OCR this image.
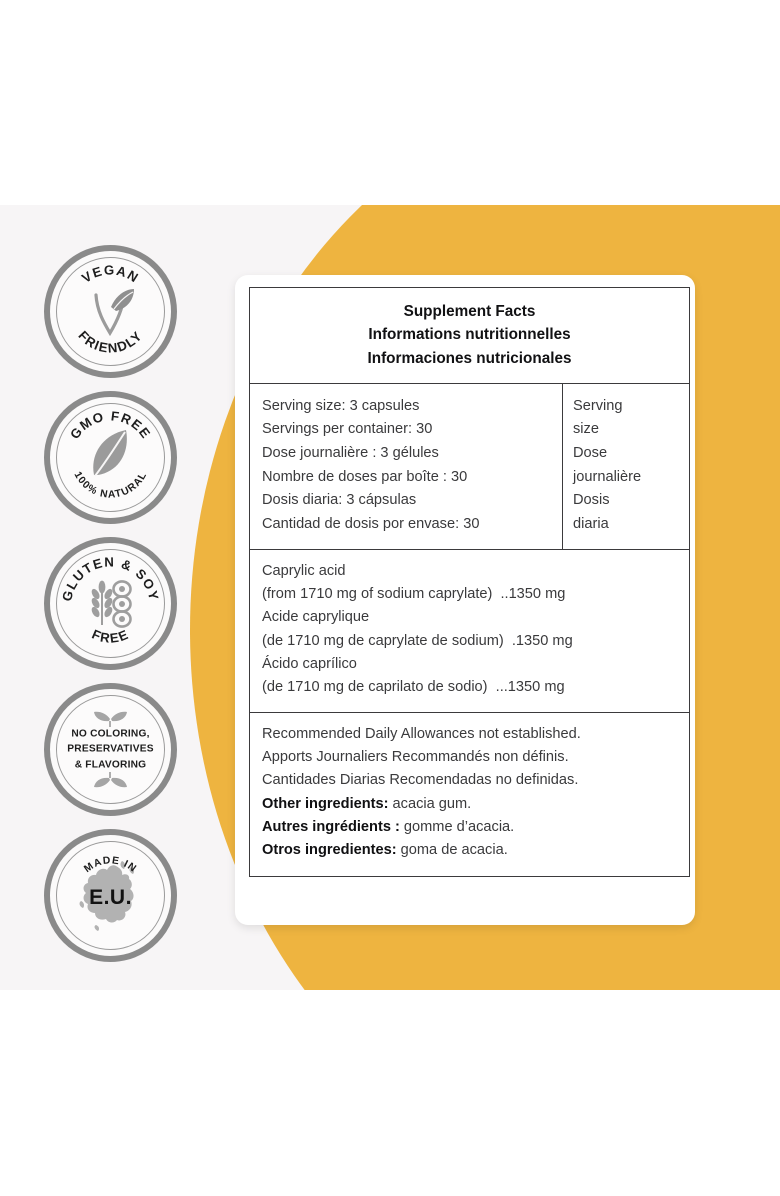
VEGAN
FRIENDLY
GMO FREE
100% NATURAL
GLUTEN & SOY
FREE
NO COLORING,
PRESERVATIVES
& FLAVORING
MADE IN
E.U.
Supplement Facts
Informations nutritionnelles
Informaciones nutricionales
Serving size: 3 capsules
Servings per container: 30
Dose journalière : 3 gélules
Nombre de doses par boîte : 30
Dosis diaria: 3 cápsulas
Cantidad de dosis por envase: 30
Serving
size
Dose
journalière
Dosis
diaria
Caprylic acid
(from 1710 mg of sodium caprylate)  ..1350 mg
Acide caprylique
(de 1710 mg de caprylate de sodium)  .1350 mg
Ácido caprílico
(de 1710 mg de caprilato de sodio)  ...1350 mg
Recommended Daily Allowances not established.
Apports Journaliers Recommandés non définis.
Cantidades Diarias Recomendadas no definidas.
Other ingredients: acacia gum.
Autres ingrédients : gomme d’acacia.
Otros ingredientes: goma de acacia.
